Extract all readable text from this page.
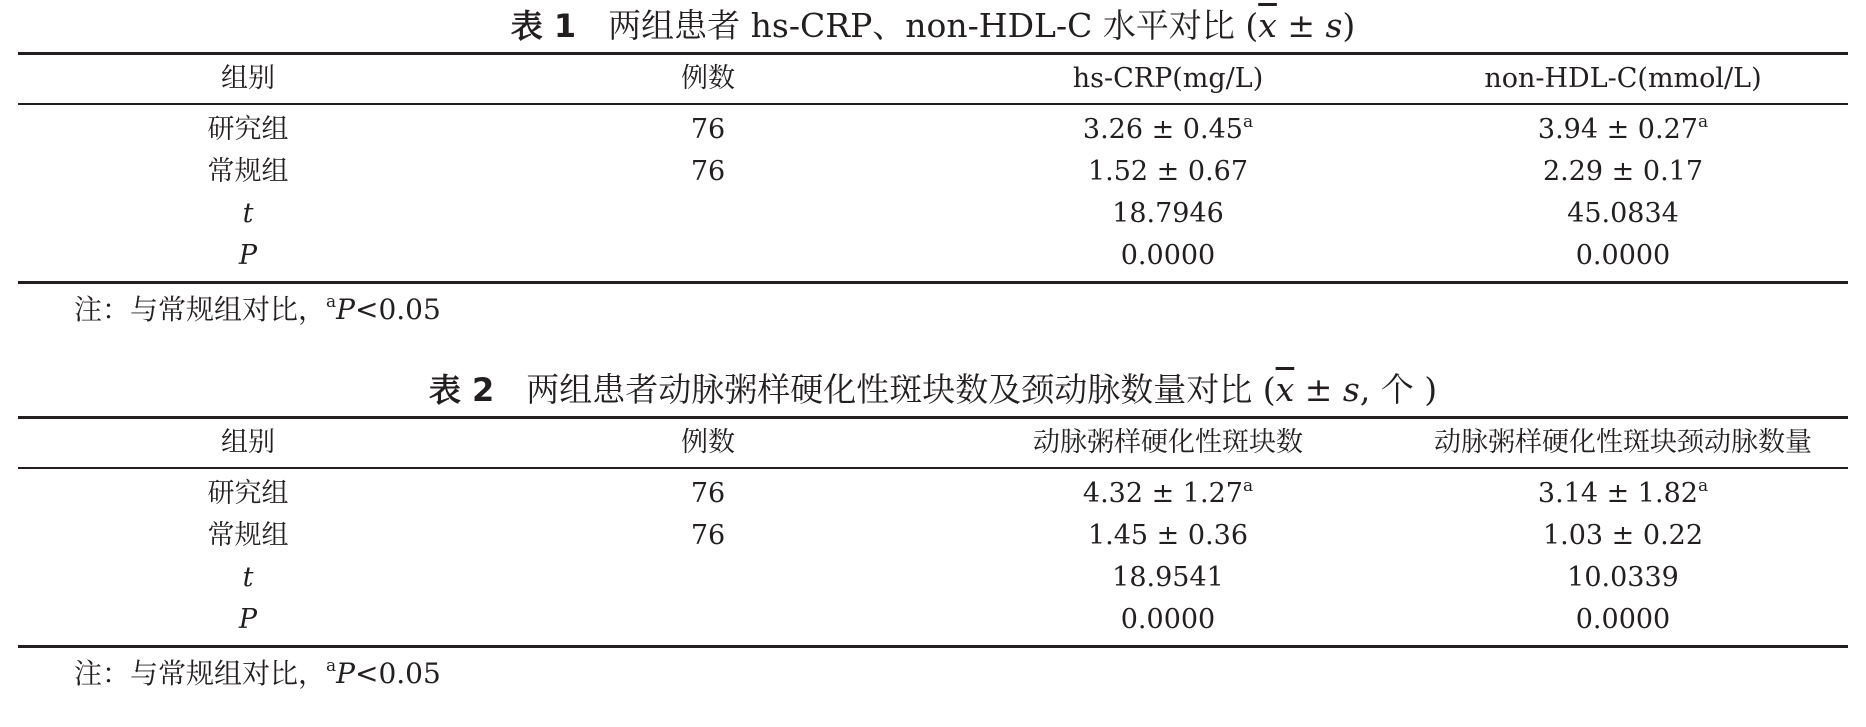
表 1 两组患者 hs-CRP、non-HDL-C 水平对比 $(\overline{x} \pm s)$
组别	例数	hs-CRP(mg/L)	non-HDL-C(mmol/L)

研究组	76	3.26 ± 0.45$^a$	3.94 ± 0.27$^a$
常规组	76	1.52 ± 0.67	2.29 ± 0.17
t		18.7946	45.0834
P		0.0000	0.0000
注：与常规组对比，$^a$P<0.05
表 2 两组患者动脉粥样硬化性斑块数及颈动脉数量对比 ($\overline{x} \pm s$, 个 )
组别	例数	动脉粥样硬化性斑块数	动脉粥样硬化性斑块颈动脉数量

研究组	76	4.32 ± 1.27$^a$	3.14 ± 1.82$^a$
常规组	76	1.45 ± 0.36	1.03 ± 0.22
t		18.9541	10.0339
P		0.0000	0.0000
注：与常规组对比，$^a$P<0.05
